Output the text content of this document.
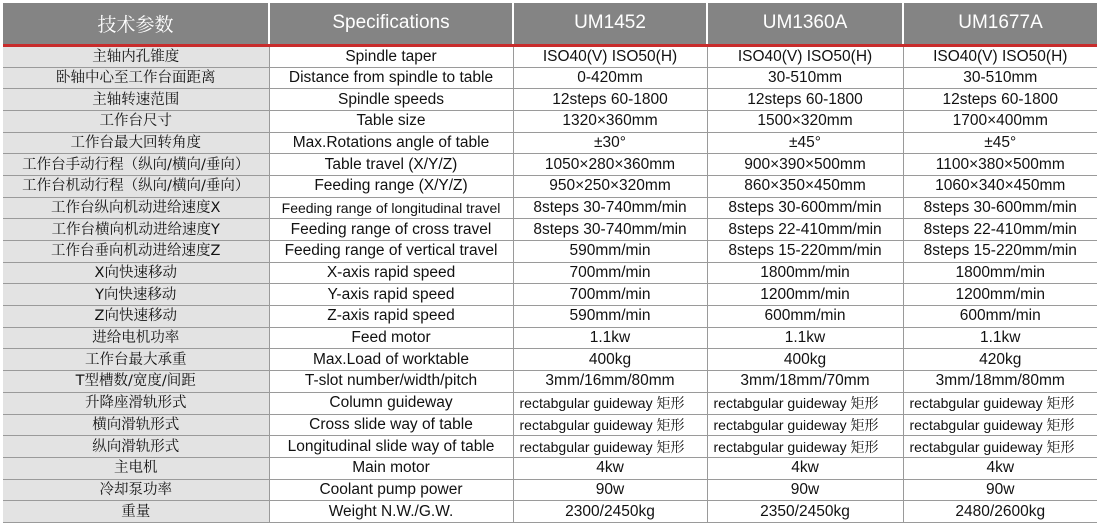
技术参数	Specifications	UM1452	UM1360A	UM1677A
主轴内孔锥度	Spindle taper	ISO40(V) ISO50(H)	ISO40(V) ISO50(H)	ISO40(V) ISO50(H)
卧轴中心至工作台面距离	Distance from spindle to table	0-420mm	30-510mm	30-510mm
主轴转速范围	Spindle speeds	12steps 60-1800	12steps 60-1800	12steps 60-1800
工作台尺寸	Table size	1320×360mm	1500×320mm	1700×400mm
工作台最大回转角度	Max.Rotations angle of table	±30°	±45°	±45°
工作台手动行程（纵向/横向/垂向）	Table travel (X/Y/Z)	1050×280×360mm	900×390×500mm	1100×380×500mm
工作台机动行程（纵向/横向/垂向）	Feeding range (X/Y/Z)	950×250×320mm	860×350×450mm	1060×340×450mm
工作台纵向机动进给速度X	Feeding range of longitudinal travel	8steps 30-740mm/min	8steps 30-600mm/min	8steps 30-600mm/min
工作台横向机动进给速度Y	Feeding range of cross travel	8steps 30-740mm/min	8steps 22-410mm/min	8steps 22-410mm/min
工作台垂向机动进给速度Z	Feeding range of vertical travel	590mm/min	8steps 15-220mm/min	8steps 15-220mm/min
X向快速移动	X-axis rapid speed	700mm/min	1800mm/min	1800mm/min
Y向快速移动	Y-axis rapid speed	700mm/min	1200mm/min	1200mm/min
Z向快速移动	Z-axis rapid speed	590mm/min	600mm/min	600mm/min
进给电机功率	Feed motor	1.1kw	1.1kw	1.1kw
工作台最大承重	Max.Load of worktable	400kg	400kg	420kg
T型槽数/宽度/间距	T-slot number/width/pitch	3mm/16mm/80mm	3mm/18mm/70mm	3mm/18mm/80mm
升降座滑轨形式	Column guideway	rectabgular guideway 矩形	rectabgular guideway 矩形	rectabgular guideway 矩形
横向滑轨形式	Cross slide way of table	rectabgular guideway 矩形	rectabgular guideway 矩形	rectabgular guideway 矩形
纵向滑轨形式	Longitudinal slide way of table	rectabgular guideway 矩形	rectabgular guideway 矩形	rectabgular guideway 矩形
主电机	Main motor	4kw	4kw	4kw
冷却泵功率	Coolant pump power	90w	90w	90w
重量	Weight N.W./G.W.	2300/2450kg	2350/2450kg	2480/2600kg
